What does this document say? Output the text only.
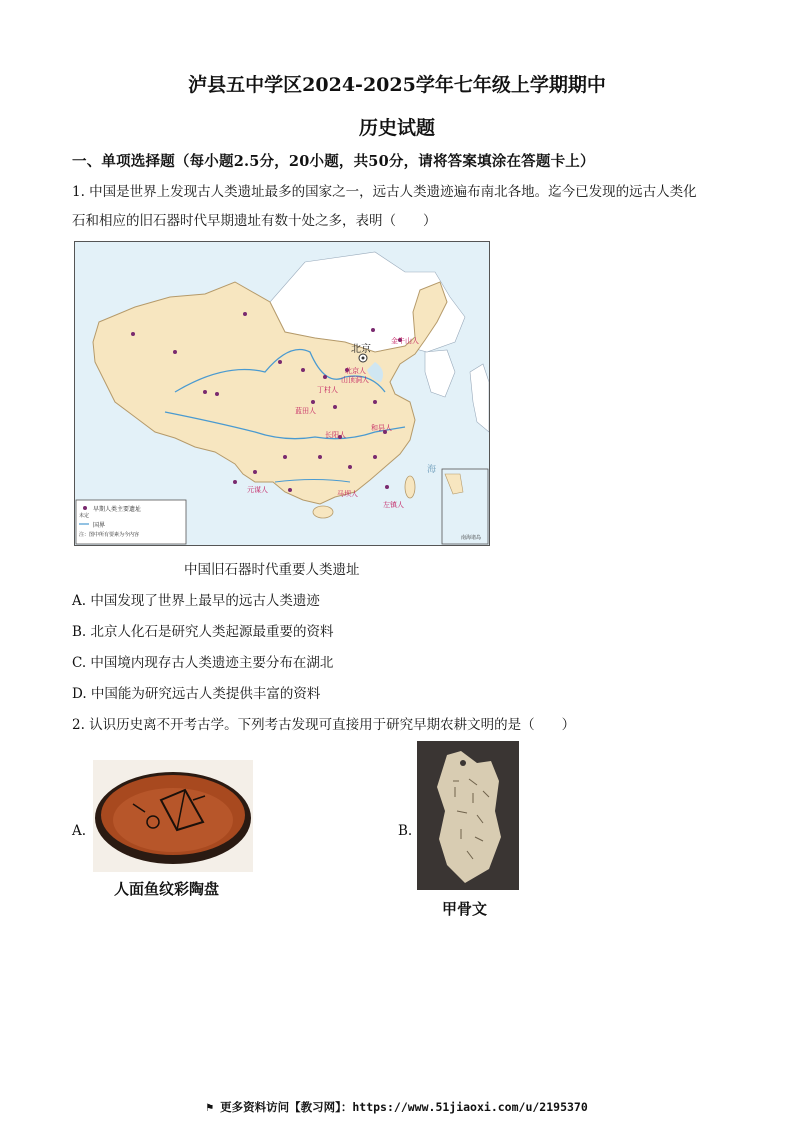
泸县五中学区2024-2025学年七年级上学期期中
历史试题
一、单项选择题（每小题2.5分，20小题，共50分，请将答案填涂在答题卡上）
1. 中国是世界上发现古人类遗址最多的国家之一，远古人类遗迹遍布南北各地。迄今已发现的远古人类化
石和相应的旧石器时代早期遗址有数十处之多，表明（　　）
北京
金牛山人
北京人
山顶洞人
丁村人
蓝田人
和县人
长阳人
元谋人	马坝人
左镇人
海
南海诸岛
早期人类主要遗址
未定
国界
注：图中所有要素为今内容
中国旧石器时代重要人类遗址
A. 中国发现了世界上最早的远古人类遗迹
B. 北京人化石是研究人类起源最重要的资料
C. 中国境内现存古人类遗迹主要分布在湖北
D. 中国能为研究远古人类提供丰富的资料
2. 认识历史离不开考古学。下列考古发现可直接用于研究早期农耕文明的是（　　）
A.
人面鱼纹彩陶盘
B.
甲骨文
⚑ 更多资料访问【教习网】：https://www.51jiaoxi.com/u/2195370
